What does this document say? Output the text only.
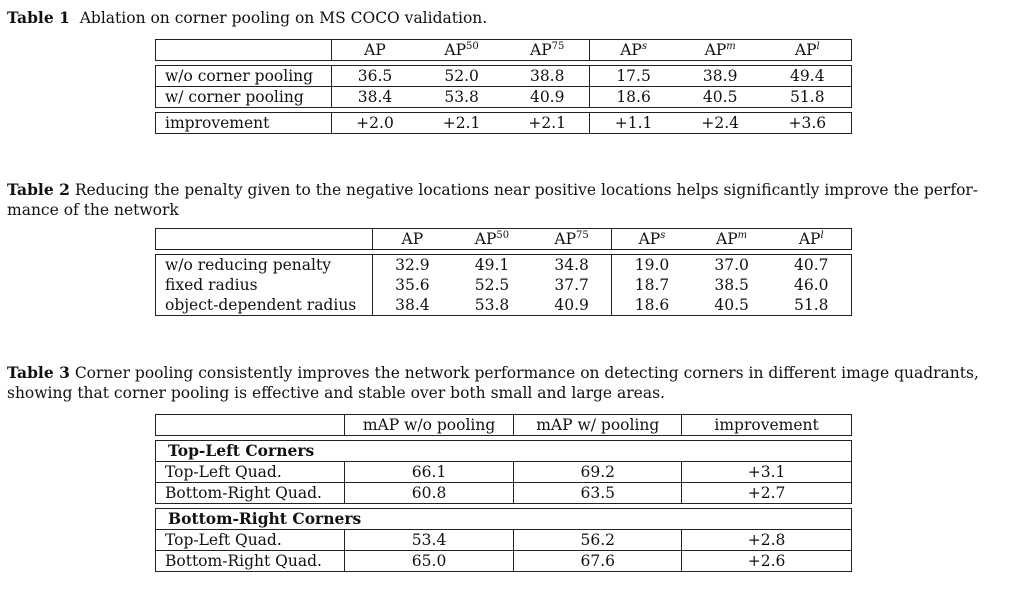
Table 1 Ablation on corner pooling on MS COCO validation.
	AP	AP$^{50}$	AP$^{75}$	$AP^s$	$AP^m$	$AP^l$

w/o corner pooling	36.5	52.0	38.8	17.5	38.9	49.4
w/ corner pooling	38.4	53.8	40.9	18.6	40.5	51.8

improvement	+2.0	+2.1	+2.1	+1.1	+2.4	+3.6
Table 2 Reducing the penalty given to the negative locations near positive locations helps significantly improve the perfor-
mance of the network
	AP	AP$^{50}$	AP$^{75}$	$AP^s$	$AP^m$	$AP^l$

w/o reducing penalty	32.9	49.1	34.8	19.0	37.0	40.7
fixed radius	35.6	52.5	37.7	18.7	38.5	46.0
object-dependent radius	38.4	53.8	40.9	18.6	40.5	51.8
Table 3 Corner pooling consistently improves the network performance on detecting corners in different image quadrants,
showing that corner pooling is effective and stable over both small and large areas.
	mAP w/o pooling	mAP w/ pooling	improvement

Top-Left Corners			
Top-Left Quad.	66.1	69.2	+3.1
Bottom-Right Quad.	60.8	63.5	+2.7

Bottom-Right Corners			
Top-Left Quad.	53.4	56.2	+2.8
Bottom-Right Quad.	65.0	67.6	+2.6
